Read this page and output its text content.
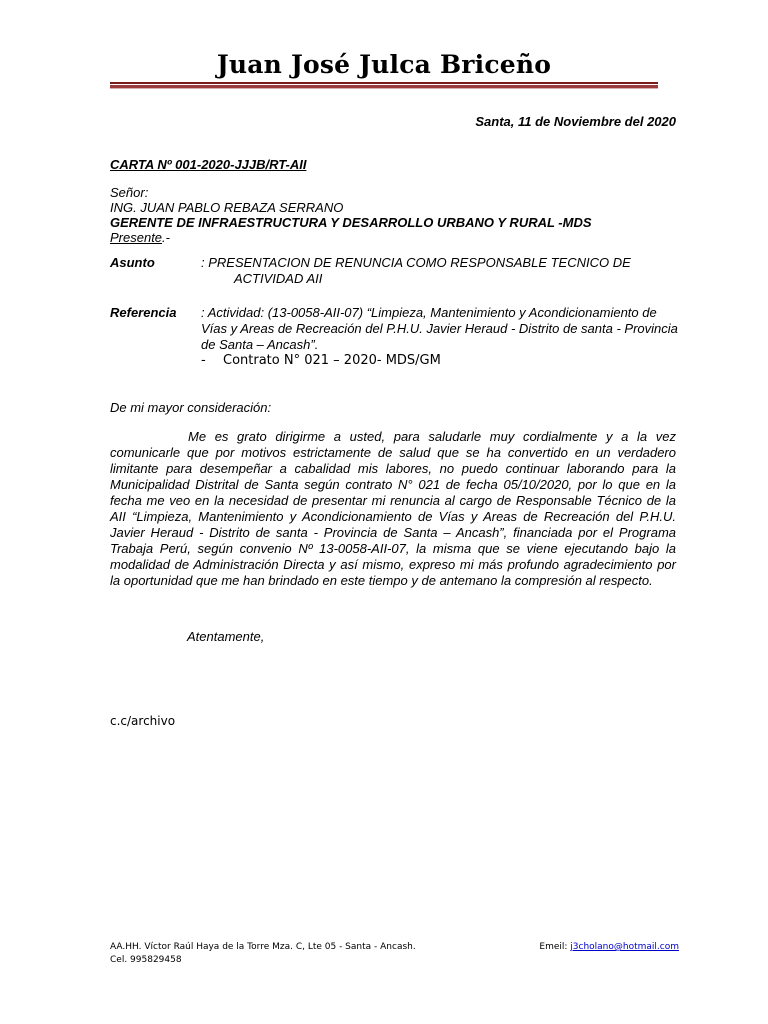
Juan José Julca Briceño
Santa, 11 de Noviembre del 2020
CARTA Nº 001-2020-JJJB/RT-AII
Señor:
ING. JUAN PABLO REBAZA SERRANO
GERENTE DE INFRAESTRUCTURA Y DESARROLLO URBANO Y RURAL -MDS
Presente.-
Asunto	: PRESENTACION DE RENUNCIA COMO RESPONSABLE TECNICO DE
ACTIVIDAD AII
Referencia : Actividad: (13-0058-AII-07) “Limpieza, Mantenimiento y Acondicionamiento de Vías y Areas de Recreación del P.H.U. Javier Heraud - Distrito de santa - Provincia de Santa – Ancash”.
- Contrato N° 021 – 2020- MDS/GM
De mi mayor consideración:
Me es grato dirigirme a usted, para saludarle muy cordialmente y a la vez comunicarle que por motivos estrictamente de salud que se ha convertido en un verdadero limitante para desempeñar a cabalidad mis labores, no puedo continuar laborando para la Municipalidad Distrital de Santa según contrato N° 021 de fecha 05/10/2020, por lo que en la fecha me veo en la necesidad de presentar mi renuncia al cargo de Responsable Técnico de la AII “Limpieza, Mantenimiento y Acondicionamiento de Vías y Areas de Recreación del P.H.U. Javier Heraud - Distrito de santa - Provincia de Santa – Ancash”, financiada por el Programa Trabaja Perú, según convenio Nº 13-0058-AII-07, la misma que se viene ejecutando bajo la modalidad de Administración Directa y así mismo, expreso mi más profundo agradecimiento por la oportunidad que me han brindado en este tiempo y de antemano la compresión al respecto.
Atentamente,
c.c/archivo
AA.HH. Víctor Raúl Haya de la Torre Mza. C, Lte 05 - Santa - Ancash.
Cel. 995829458
Emeil: j3cholano@hotmail.com
